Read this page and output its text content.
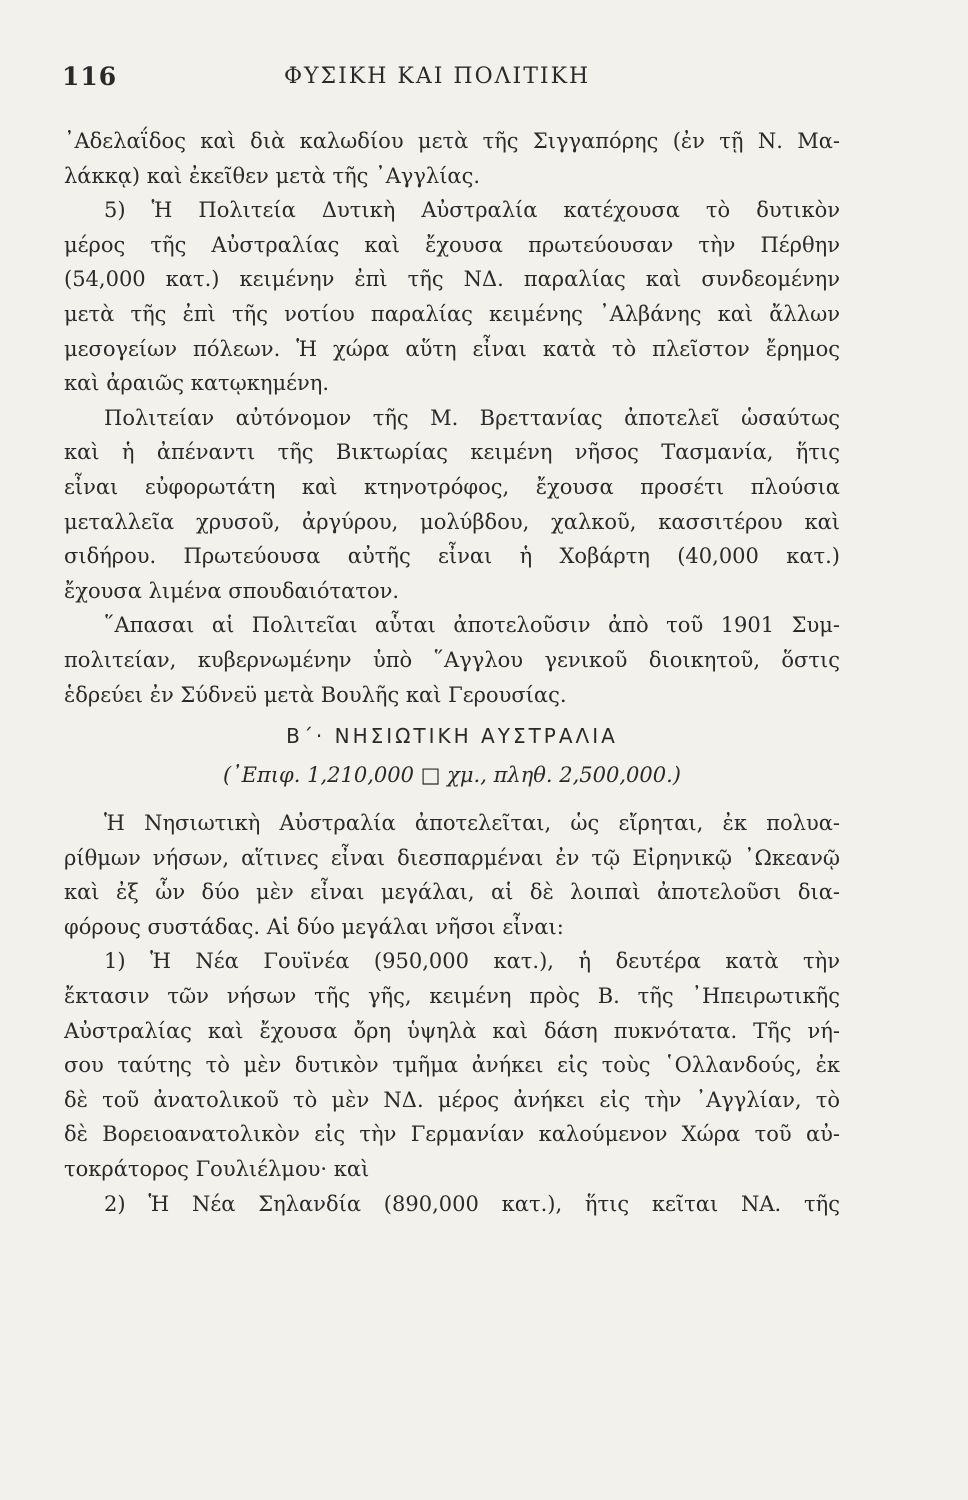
116	ΦΥΣΙΚΗ ΚΑΙ ΠΟΛΙΤΙΚΗ
᾿Αδελαΐδος καὶ διὰ καλωδίου μετὰ τῆς Σιγγαπόρης (ἐν τῇ Ν. Μα-
λάκκᾳ) καὶ ἐκεῖθεν μετὰ τῆς ᾿Αγγλίας.
5) Ἡ Πολιτεία Δυτικὴ Αὐστραλία κατέχουσα τὸ δυτικὸν
μέρος τῆς Αὐστραλίας καὶ ἔχουσα πρωτεύουσαν τὴν Πέρθην
(54,000 κατ.) κειμένην ἐπὶ τῆς ΝΔ. παραλίας καὶ συνδεομένην
μετὰ τῆς ἐπὶ τῆς νοτίου παραλίας κειμένης ᾿Αλβάνης καὶ ἄλλων
μεσογείων πόλεων. Ἡ χώρα αὕτη εἶναι κατὰ τὸ πλεῖστον ἔρημος
καὶ ἀραιῶς κατῳκημένη.
Πολιτείαν αὐτόνομον τῆς Μ. Βρεττανίας ἀποτελεῖ ὡσαύτως
καὶ ἡ ἀπέναντι τῆς Βικτωρίας κειμένη νῆσος Τασμανία, ἥτις
εἶναι εὐφορωτάτη καὶ κτηνοτρόφος, ἔχουσα προσέτι πλούσια
μεταλλεῖα χρυσοῦ, ἀργύρου, μολύβδου, χαλκοῦ, κασσιτέρου καὶ
σιδήρου. Πρωτεύουσα αὐτῆς εἶναι ἡ Χοβάρτη (40,000 κατ.)
ἔχουσα λιμένα σπουδαιότατον.
῞Απασαι αἱ Πολιτεῖαι αὗται ἀποτελοῦσιν ἀπὸ τοῦ 1901 Συμ-
πολιτείαν, κυβερνωμένην ὑπὸ ῞Αγγλου γενικοῦ διοικητοῦ, ὅστις
ἑδρεύει ἐν Σύδνεϋ μετὰ Βουλῆς καὶ Γερουσίας.
Β΄· ΝΗΣΙΩΤΙΚΗ ΑΥΣΤΡΑΛΙΑ
(᾿Επιφ. 1,210,000 □ χμ., πληθ. 2,500,000.)
Ἡ Νησιωτικὴ Αὐστραλία ἀποτελεῖται, ὡς εἴρηται, ἐκ πολυα-
ρίθμων νήσων, αἵτινες εἶναι διεσπαρμέναι ἐν τῷ Εἰρηνικῷ ᾿Ωκεανῷ
καὶ ἐξ ὧν δύο μὲν εἶναι μεγάλαι, αἱ δὲ λοιπαὶ ἀποτελοῦσι δια-
φόρους συστάδας. Αἱ δύο μεγάλαι νῆσοι εἶναι:
1) Ἡ Νέα Γουϊνέα (950,000 κατ.), ἡ δευτέρα κατὰ τὴν
ἔκτασιν τῶν νήσων τῆς γῆς, κειμένη πρὸς Β. τῆς ᾿Ηπειρωτικῆς
Αὐστραλίας καὶ ἔχουσα ὄρη ὑψηλὰ καὶ δάση πυκνότατα. Τῆς νή-
σου ταύτης τὸ μὲν δυτικὸν τμῆμα ἀνήκει εἰς τοὺς ῾Ολλανδούς, ἐκ
δὲ τοῦ ἀνατολικοῦ τὸ μὲν ΝΔ. μέρος ἀνήκει εἰς τὴν ᾿Αγγλίαν, τὸ
δὲ Βορειοανατολικὸν εἰς τὴν Γερμανίαν καλούμενον Χώρα τοῦ αὐ-
τοκράτορος Γουλιέλμου· καὶ
2) Ἡ Νέα Σηλανδία (890,000 κατ.), ἥτις κεῖται ΝΑ. τῆς
